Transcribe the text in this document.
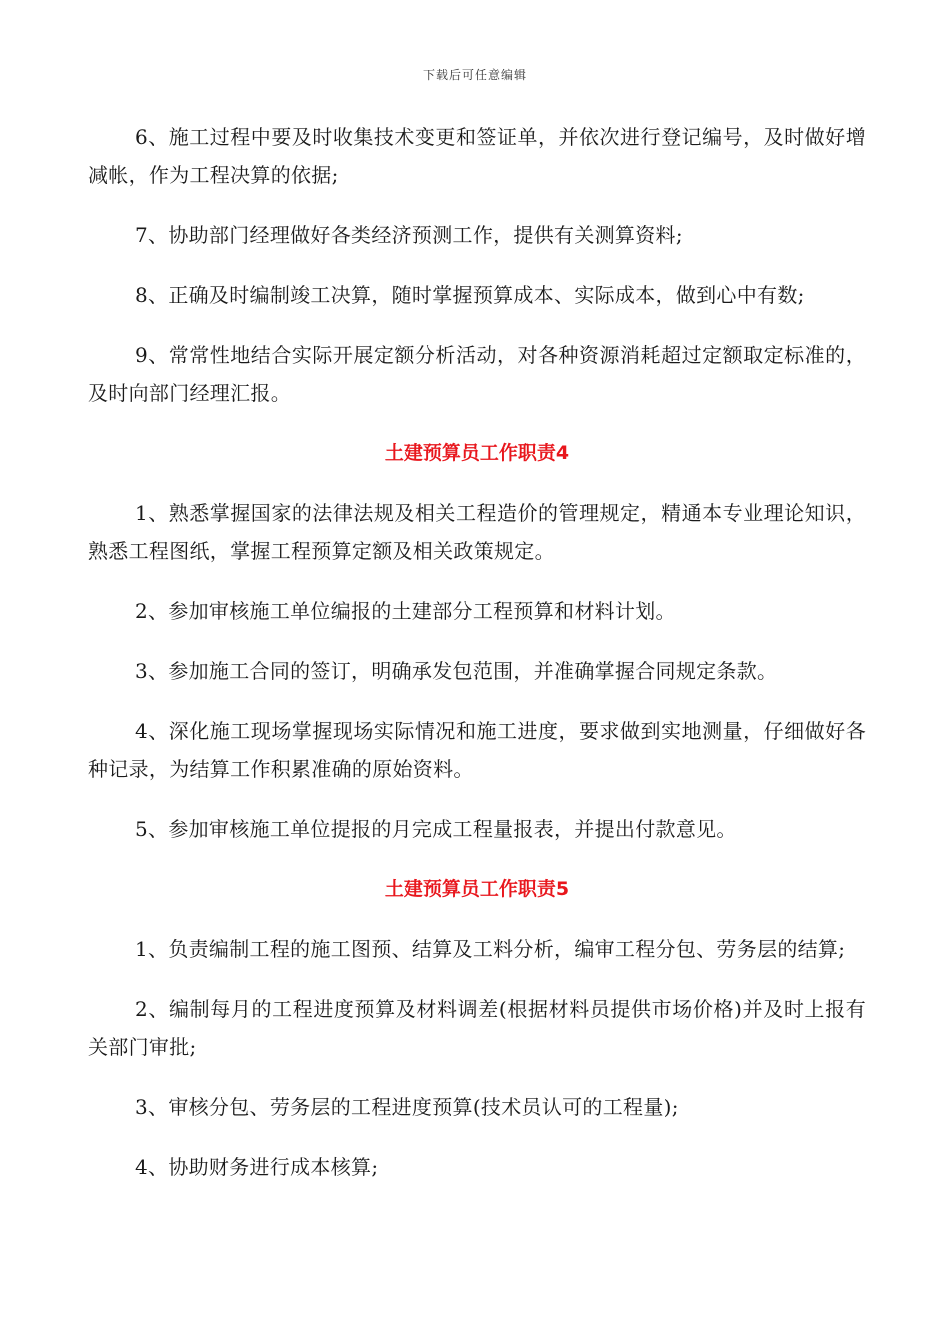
下载后可任意编辑

6、施工过程中要及时收集技术变更和签证单，并依次进行登记编号，及时做好增减帐，作为工程决算的依据;

7、协助部门经理做好各类经济预测工作，提供有关测算资料;

8、正确及时编制竣工决算，随时掌握预算成本、实际成本，做到心中有数;

9、常常性地结合实际开展定额分析活动，对各种资源消耗超过定额取定标准的，及时向部门经理汇报。

土建预算员工作职责4

1、熟悉掌握国家的法律法规及相关工程造价的管理规定，精通本专业理论知识，熟悉工程图纸，掌握工程预算定额及相关政策规定。

2、参加审核施工单位编报的土建部分工程预算和材料计划。

3、参加施工合同的签订，明确承发包范围，并准确掌握合同规定条款。

4、深化施工现场掌握现场实际情况和施工进度，要求做到实地测量，仔细做好各种记录，为结算工作积累准确的原始资料。

5、参加审核施工单位提报的月完成工程量报表，并提出付款意见。

土建预算员工作职责5

1、负责编制工程的施工图预、结算及工料分析，编审工程分包、劳务层的结算;

2、编制每月的工程进度预算及材料调差(根据材料员提供市场价格)并及时上报有关部门审批;

3、审核分包、劳务层的工程进度预算(技术员认可的工程量);

4、协助财务进行成本核算;
